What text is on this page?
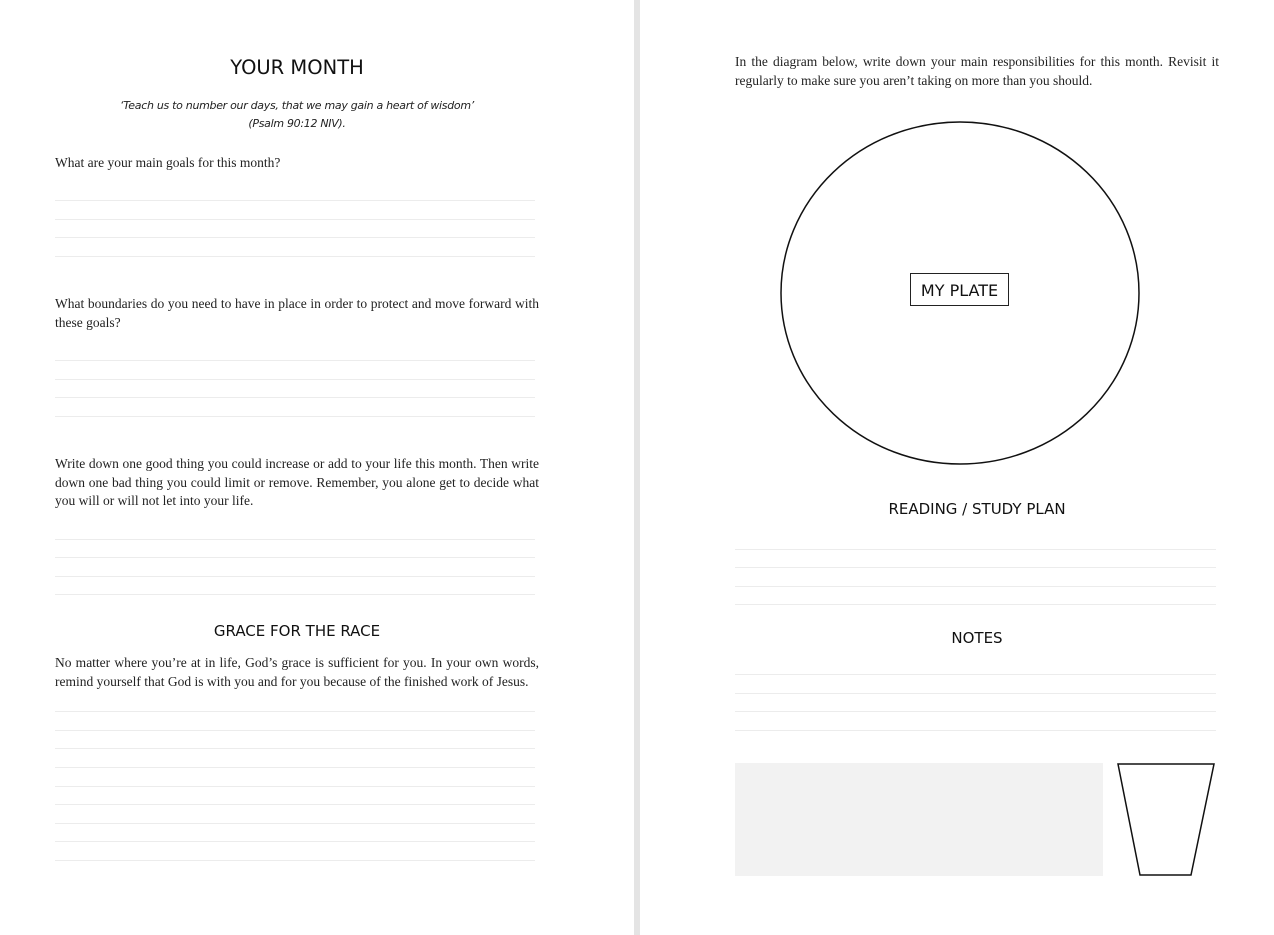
YOUR MONTH
‘Teach us to number our days, that we may gain a heart of wisdom’
(Psalm 90:12 NIV).

What are your main goals for this month?

What boundaries do you need to have in place in order to protect and move forward with these goals?

Write down one good thing you could increase or add to your life this month. Then write down one bad thing you could limit or remove. Remember, you alone get to decide what you will or will not let into your life.

GRACE FOR THE RACE

No matter where you’re at in life, God’s grace is sufficient for you. In your own words, remind yourself that God is with you and for you because of the finished work of Jesus.

In the diagram below, write down your main responsibilities for this month. Revisit it regularly to make sure you aren’t taking on more than you should.

MY PLATE
READING / STUDY PLAN
NOTES
